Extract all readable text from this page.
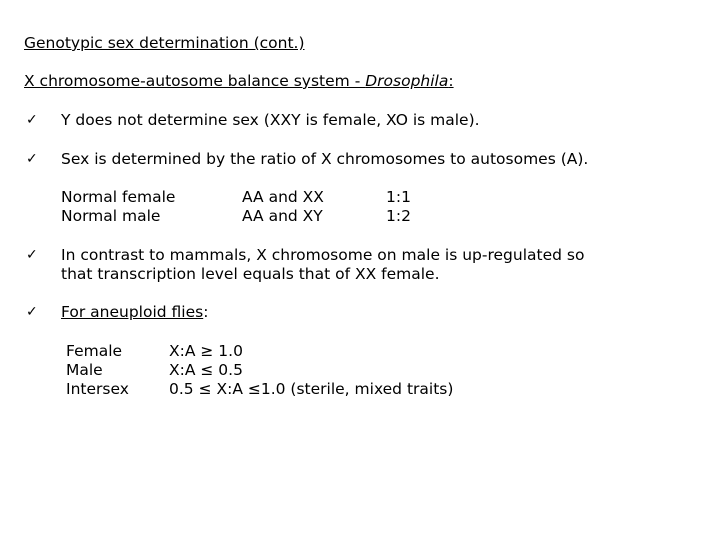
Genotypic sex determination (cont.)
X chromosome-autosome balance system - Drosophila:
✓ Y does not determine sex (XXY is female, XO is male).
✓ Sex is determined by the ratio of X chromosomes to autosomes (A).
Normal female	AA and XX	1:1
Normal male	AA and XY	1:2
✓ In contrast to mammals, X chromosome on male is up-regulated so
that transcription level equals that of XX female.
✓ For aneuploid flies:
Female	X:A ≥ 1.0
Male	X:A ≤ 0.5
Intersex	0.5 ≤ X:A ≤1.0 (sterile, mixed traits)
